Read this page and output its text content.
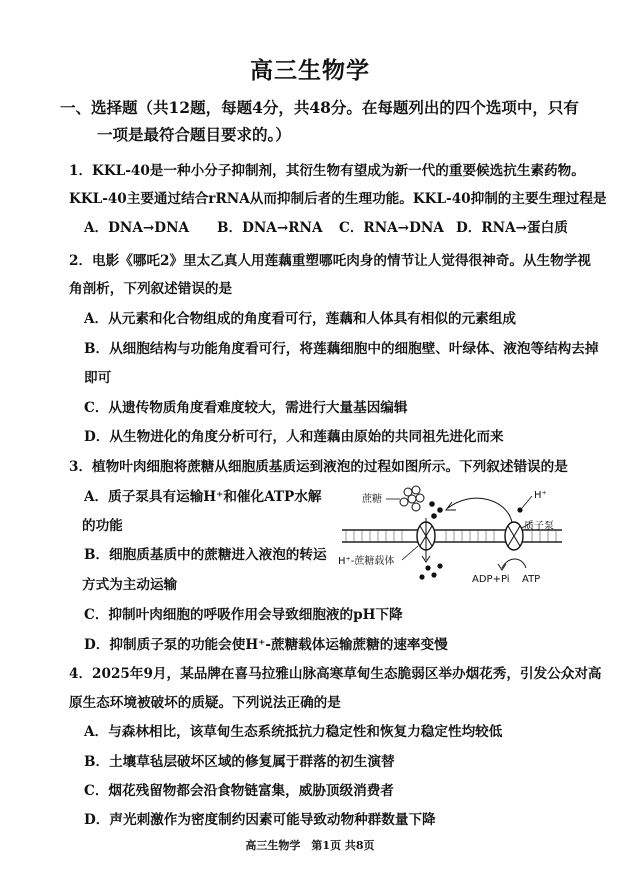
高三生物学
一、选择题（共12题，每题4分，共48分。在每题列出的四个选项中，只有
一项是最符合题目要求的。）
1．KKL-40是一种小分子抑制剂，其衍生物有望成为新一代的重要候选抗生素药物。
KKL-40主要通过结合rRNA从而抑制后者的生理功能。KKL-40抑制的主要生理过程是
A．DNA→DNA	B．DNA→RNA	C．RNA→DNA D．RNA→蛋白质
2．电影《哪吒2》里太乙真人用莲藕重塑哪吒肉身的情节让人觉得很神奇。从生物学视
角剖析，下列叙述错误的是
A．从元素和化合物组成的角度看可行，莲藕和人体具有相似的元素组成
B．从细胞结构与功能角度看可行，将莲藕细胞中的细胞壁、叶绿体、液泡等结构去掉
即可
C．从遗传物质角度看难度较大，需进行大量基因编辑
D．从生物进化的角度分析可行，人和莲藕由原始的共同祖先进化而来
3．植物叶肉细胞将蔗糖从细胞质基质运到液泡的过程如图所示。下列叙述错误的是
A．质子泵具有运输H⁺和催化ATP水解
的功能
B．细胞质基质中的蔗糖进入液泡的转运
方式为主动运输
C．抑制叶肉细胞的呼吸作用会导致细胞液的pH下降
D．抑制质子泵的功能会使H⁺-蔗糖载体运输蔗糖的速率变慢
蔗糖	H⁺
质子泵
ADP+Pi ATP
H⁺-蔗糖载体
4．2025年9月，某品牌在喜马拉雅山脉高寒草甸生态脆弱区举办烟花秀，引发公众对高
原生态环境被破坏的质疑。下列说法正确的是
A．与森林相比，该草甸生态系统抵抗力稳定性和恢复力稳定性均较低
B．土壤草毡层破坏区域的修复属于群落的初生演替
C．烟花残留物都会沿食物链富集，威胁顶级消费者
D．声光刺激作为密度制约因素可能导致动物种群数量下降
高三生物学　第1页 共8页
